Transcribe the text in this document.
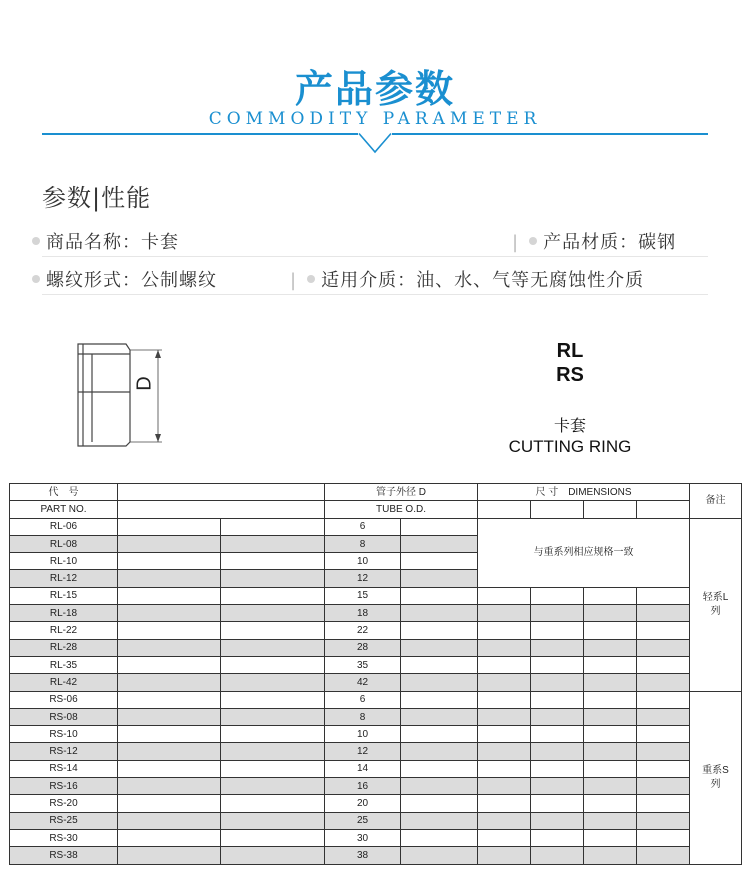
产品参数
COMMODITY PARAMETER
参数|性能
商品名称：卡套	| 产品材质：碳钢
螺纹形式：公制螺纹	| 适用介质：油、水、气等无腐蚀性介质
D
RL
RS
卡套
CUTTING RING
代　号			管子外径 D		尺 寸　DIMENSIONS				备注
PART NO.			TUBE O.D.						
RL-06			6		与重系列相应规格一致				轻系L列
RL-08			8						
RL-10			10						
RL-12			12						
RL-15			15						
RL-18			18						
RL-22			22						
RL-28			28						
RL-35			35						
RL-42			42						
RS-06			6						重系S列
RS-08			8						
RS-10			10						
RS-12			12						
RS-14			14						
RS-16			16						
RS-20			20						
RS-25			25						
RS-30			30						
RS-38			38						
